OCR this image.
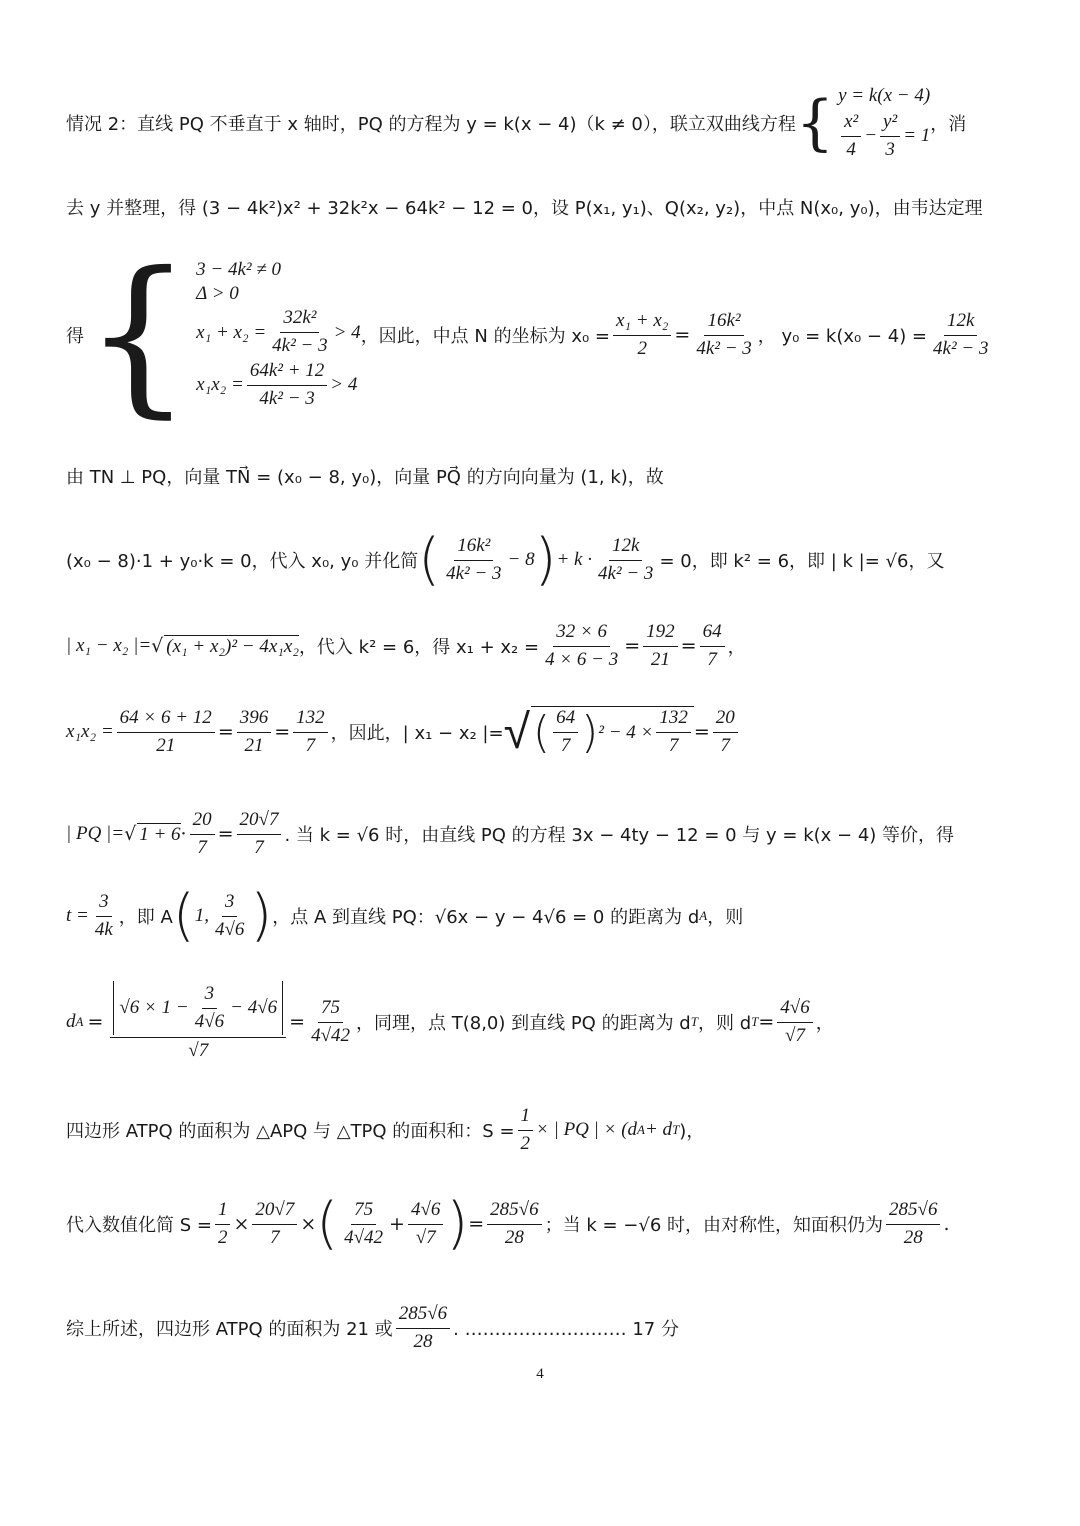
情况 2：直线 PQ 不垂直于 x 轴时，PQ 的方程为 y = k(x − 4)（k ≠ 0），联立双曲线方程 { y = k(x − 4)
$\frac{\text{x²}}{4} - \frac{\text{y²}}{3} = 1$
，消
去 y 并整理，得 (3 − 4k²)x² + 32k²x − 64k² − 12 = 0，设 P(x₁, y₁)、Q(x₂, y₂)，中点 N(x₀, y₀)，由韦达定理
得 { 3 − 4k² ≠ 0
Δ > 0
$x_1 + x_2 = \frac{\text{32k²}}{\text{4k² − 3}} > 4$
$x_1x_2 = \frac{\text{64k² + 12}}{\text{4k² − 3}} > 4$
，因此，中点 N 的坐标为 $x_0 = \frac{\text{x₁ + x₂}}{2} = \frac{\text{16k²}}{\text{4k² − 3}}$ ， $y_0 = k(x_0 - 4) = \frac{12k}{\text{4k² − 3}}$
由 TN ⊥ PQ，向量 TN⃗ = (x₀ − 8, y₀)，向量 PQ⃗ 的方向向量为 (1, k)，故
(x₀ − 8)·1 + y₀·k = 0，代入 x₀, y₀ 并化简 ( $\frac{\text{16k²}}{\text{4k² − 3}} - 8$ ) + $k \cdot \frac{12k}{\text{4k² − 3}} = 0$，即 k² = 6，即 | k |= √6，又
| x₁ − x₂ |= √ (x₁ + x₂)² − 4x₁x₂ ，代入 k² = 6，得 $x_1 + x_2 = \frac{32 \times 6}{4 \times 6 - 3} = \frac{192}{21} = \frac{64}{7}$ ，
$x_1x_2 = \frac{64 \times 6 + 12}{21} = \frac{396}{21} = \frac{132}{7}$ ，因此，| x₁ − x₂ |= √ ( $\frac{64}{7}$ ) $^2 - 4 \times \frac{132}{7} = \frac{20}{7}$
| PQ |= √ $1 + 6 \cdot \frac{20}{7} = \frac{20√7}{7}$ . 当 k = √6 时，由直线 PQ 的方程 3x − 4ty − 12 = 0 与 y = k(x − 4) 等价，得
$t = \frac{3}{4k}$ ，即 A ( 1, $\frac{3}{4√6}$ ) ，点 A 到直线 PQ：√6x − y − 4√6 = 0 的距离为 d A ，则
d $A = \frac{√6 \times 1 - \frac{3}{4√6} - 4√6}{√7} = \frac{75}{4√42}$ ，同理，点 T(8,0) 到直线 PQ 的距离为 d T ，则 d $T = \frac{4√6}{√7}$ ，
四边形 ATPQ 的面积为 △APQ 与 △TPQ 的面积和：$S = \frac{1}{2}$ × | PQ | × (d A + d T )，
代入数值化简 $S = \frac{1}{2} \times \frac{20√7}{7}$ × ( $\frac{75}{4√42} + \frac{4√6}{√7}$ ) = $\frac{285√6}{28}$ ；当 k = −√6 时，由对称性，知面积仍为 $\frac{285√6}{28}$ .
综上所述，四边形 ATPQ 的面积为 21 或 $\frac{285√6}{28}$ . ……………………… 17 分
4
